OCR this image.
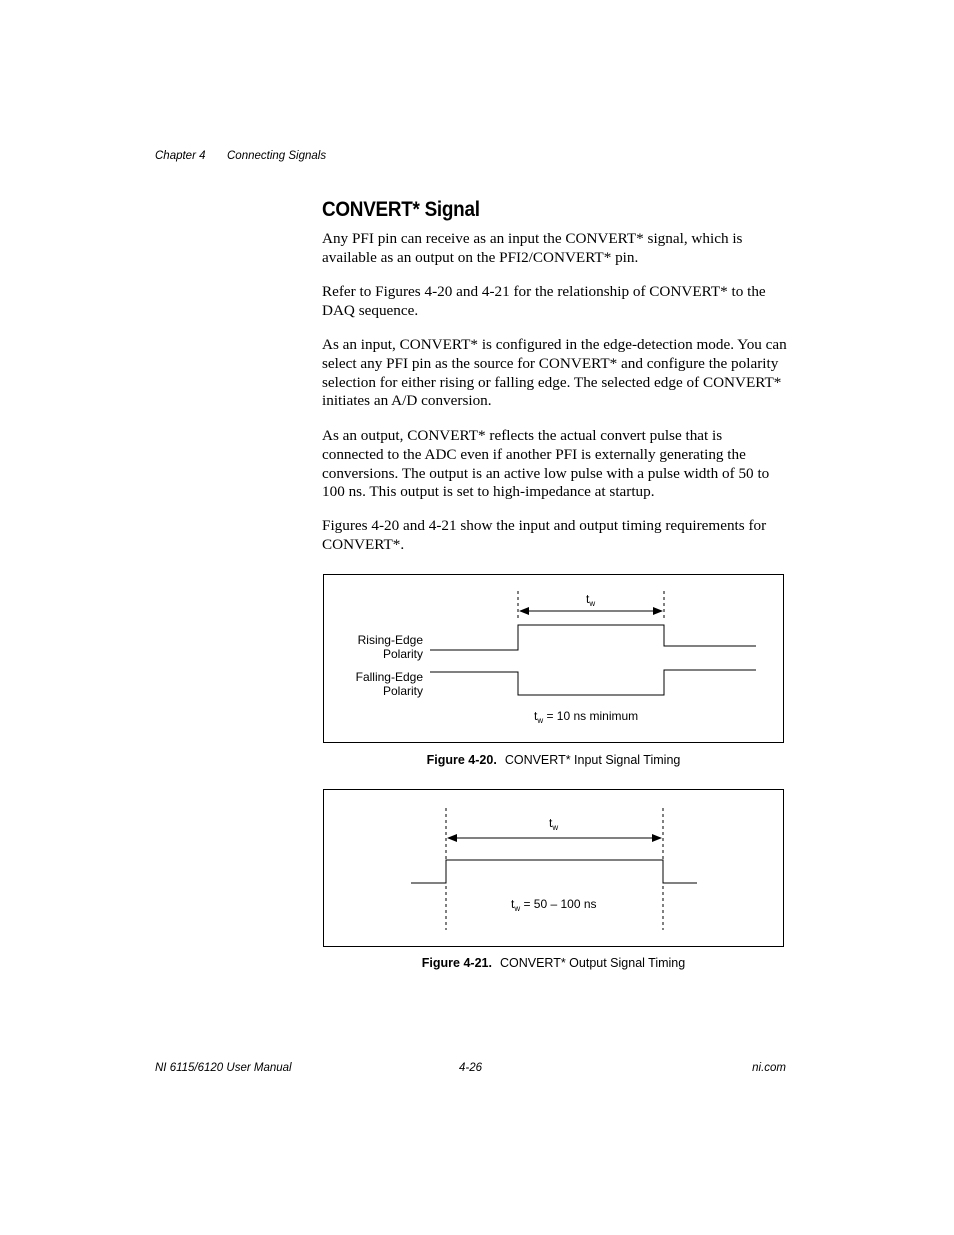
Chapter 4 Connecting Signals
CONVERT* Signal

Any PFI pin can receive as an input the CONVERT* signal, which is available as an output on the PFI2/CONVERT* pin.

Refer to Figures 4-20 and 4-21 for the relationship of CONVERT* to the DAQ sequence.

As an input, CONVERT* is configured in the edge-detection mode. You can select any PFI pin as the source for CONVERT* and configure the polarity selection for either rising or falling edge. The selected edge of CONVERT* initiates an A/D conversion.

As an output, CONVERT* reflects the actual convert pulse that is connected to the ADC even if another PFI is externally generating the conversions. The output is an active low pulse with a pulse width of 50 to 100 ns. This output is set to high-impedance at startup.

Figures 4-20 and 4-21 show the input and output timing requirements for CONVERT*.

$t_w$
Rising-Edge
Polarity
Falling-Edge
Polarity
$t_w = 10$ ns minimum
Figure 4-20. CONVERT* Input Signal Timing
$t_w$
$t_w = 50 - 100$ ns
Figure 4-21. CONVERT* Output Signal Timing
NI 6115/6120 User Manual	4-26	ni.com
